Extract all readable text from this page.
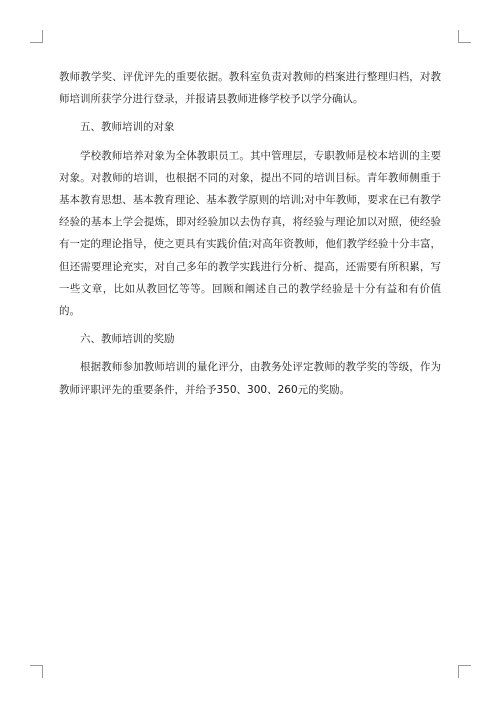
教师教学奖、评优评先的重要依据。教科室负责对教师的档案进行整理归档，对教师培训所获学分进行登录，并报请县教师进修学校予以学分确认。

五、教师培训的对象

学校教师培养对象为全体教职员工。其中管理层，专职教师是校本培训的主要对象。对教师的培训，也根据不同的对象，提出不同的培训目标。青年教师侧重于基本教育思想、基本教育理论、基本教学原则的培训;对中年教师，要求在已有教学经验的基本上学会提炼，即对经验加以去伪存真，将经验与理论加以对照，使经验有一定的理论指导，使之更具有实践价值;对高年资教师，他们教学经验十分丰富，但还需要理论充实，对自己多年的教学实践进行分析、提高，还需要有所积累，写一些文章，比如从教回忆等等。回顾和阐述自己的教学经验是十分有益和有价值的。

六、教师培训的奖励

根据教师参加教师培训的量化评分，由教务处评定教师的教学奖的等级，作为教师评职评先的重要条件，并给予350、300、260元的奖励。
